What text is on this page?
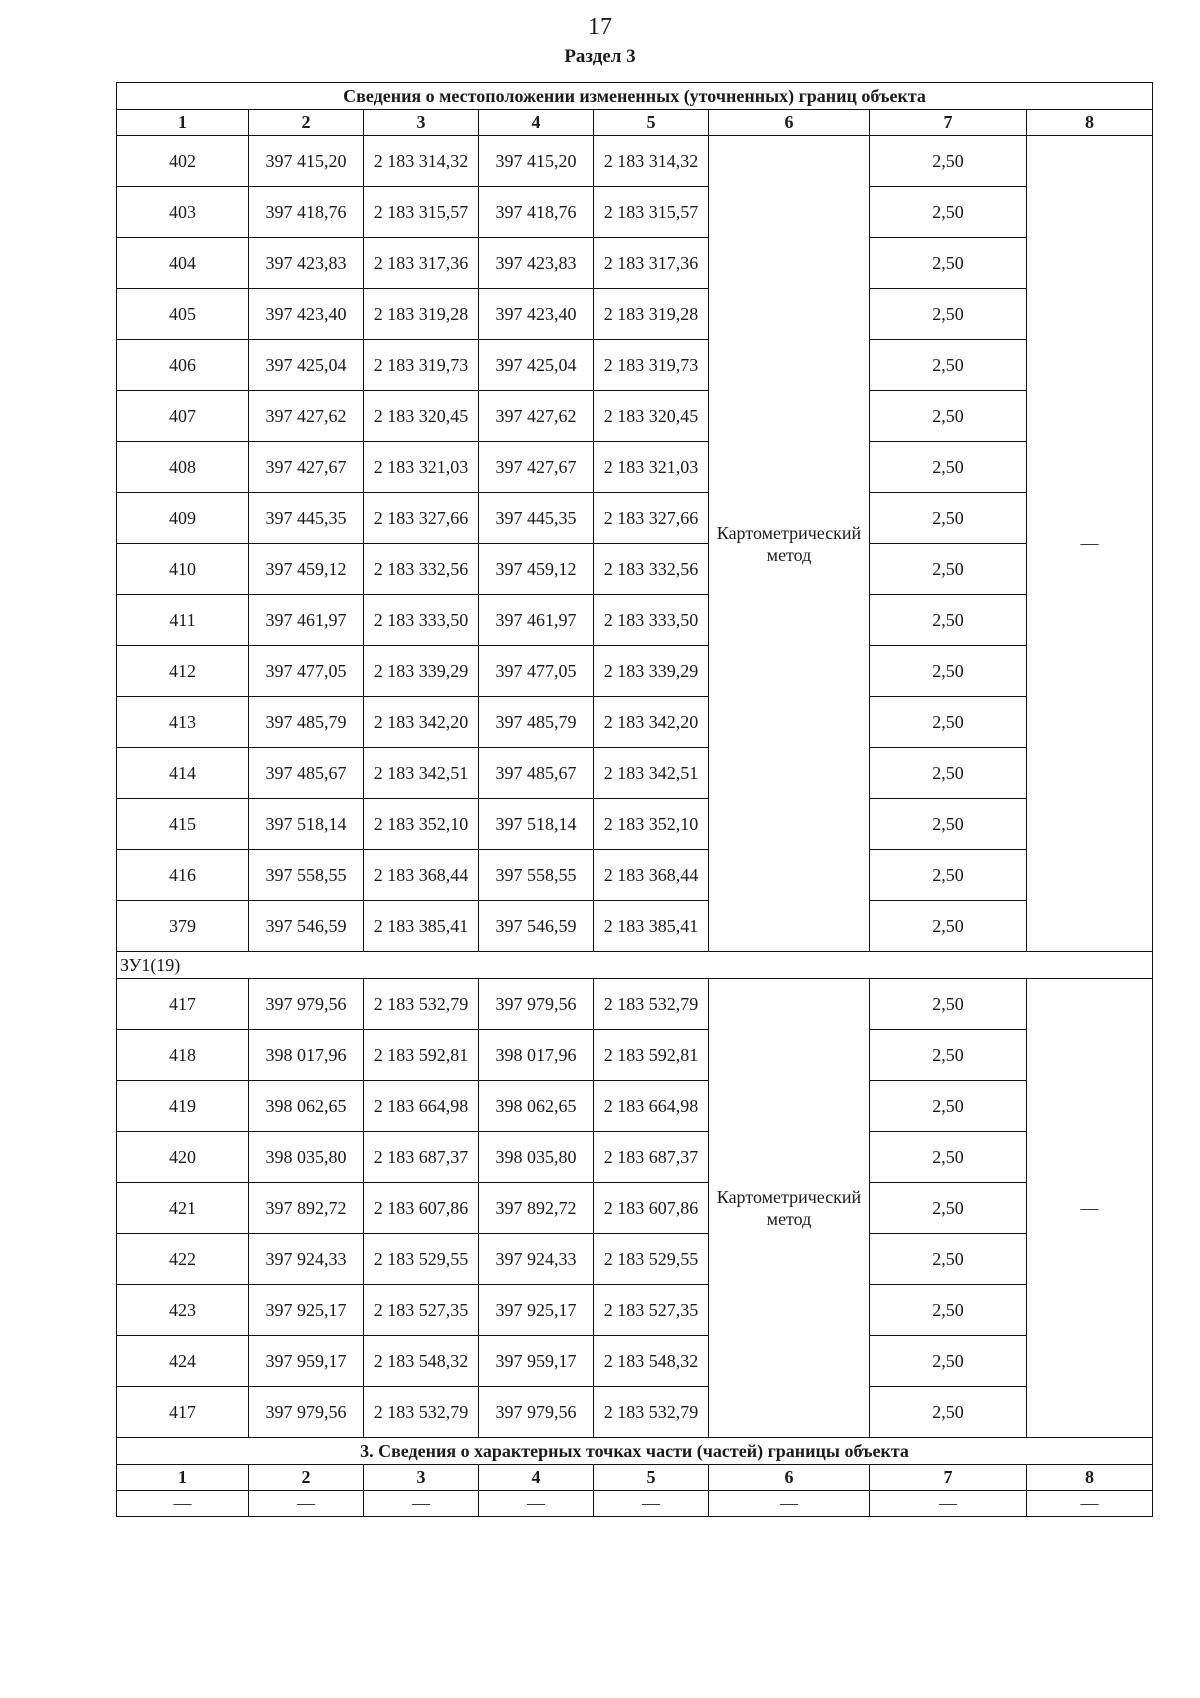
17
Раздел 3
Сведения о местоположении измененных (уточненных) границ объекта							
1	2	3	4	5	6	7	8
402	397 415,20	2 183 314,32	397 415,20	2 183 314,32	Картометрический метод	2,50	—
403	397 418,76	2 183 315,57	397 418,76	2 183 315,57		2,50	
404	397 423,83	2 183 317,36	397 423,83	2 183 317,36		2,50	
405	397 423,40	2 183 319,28	397 423,40	2 183 319,28		2,50	
406	397 425,04	2 183 319,73	397 425,04	2 183 319,73		2,50	
407	397 427,62	2 183 320,45	397 427,62	2 183 320,45		2,50	
408	397 427,67	2 183 321,03	397 427,67	2 183 321,03		2,50	
409	397 445,35	2 183 327,66	397 445,35	2 183 327,66		2,50	
410	397 459,12	2 183 332,56	397 459,12	2 183 332,56		2,50	
411	397 461,97	2 183 333,50	397 461,97	2 183 333,50		2,50	
412	397 477,05	2 183 339,29	397 477,05	2 183 339,29		2,50	
413	397 485,79	2 183 342,20	397 485,79	2 183 342,20		2,50	
414	397 485,67	2 183 342,51	397 485,67	2 183 342,51		2,50	
415	397 518,14	2 183 352,10	397 518,14	2 183 352,10		2,50	
416	397 558,55	2 183 368,44	397 558,55	2 183 368,44		2,50	
379	397 546,59	2 183 385,41	397 546,59	2 183 385,41		2,50	
ЗУ1(19)							
417	397 979,56	2 183 532,79	397 979,56	2 183 532,79	Картометрический метод	2,50	—
418	398 017,96	2 183 592,81	398 017,96	2 183 592,81		2,50	
419	398 062,65	2 183 664,98	398 062,65	2 183 664,98		2,50	
420	398 035,80	2 183 687,37	398 035,80	2 183 687,37		2,50	
421	397 892,72	2 183 607,86	397 892,72	2 183 607,86		2,50	
422	397 924,33	2 183 529,55	397 924,33	2 183 529,55		2,50	
423	397 925,17	2 183 527,35	397 925,17	2 183 527,35		2,50	
424	397 959,17	2 183 548,32	397 959,17	2 183 548,32		2,50	
417	397 979,56	2 183 532,79	397 979,56	2 183 532,79		2,50	
3. Сведения о характерных точках части (частей) границы объекта							
1	2	3	4	5	6	7	8
—	—	—	—	—	—	—	—
